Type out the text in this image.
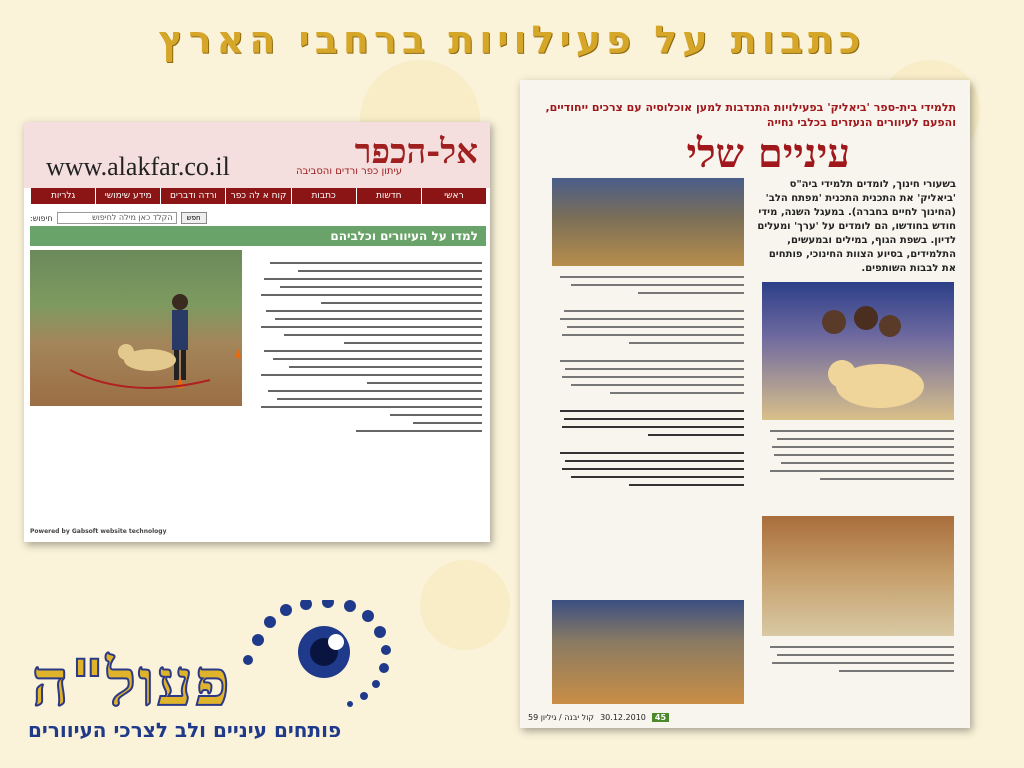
כתבות על פעילויות ברחבי הארץ
www.alakfar.co.il	אל-הכפר
עיתון כפר ורדים והסביבה
ראשי
חדשות
כתבות
קוח א לה כפר
ורדה ודברים
מידע שימושי
גלריות
חיפוש:	הקלד כאן מילה לחיפוש	חפש
למדו על העיוורים וכלביהם
Powered by Gabsoft website technology
תלמידי בית-ספר 'ביאליק' בפעילויות התנדבות למען אוכלוסיה עם צרכים ייחודיים, והפעם לעיוורים הנעזרים בכלבי נחייה
עיניים שלי
בשעורי חינוך, לומדים תלמידי ביה"ס 'ביאליק' את התכנית התכנית 'מפתח הלב' (החינוך לחיים בחברה). במעגל השנה, מידי חודש בחודשו, הם לומדים על 'ערך' ומעלים לדיון. בשפת הגוף, במילים ובמעשים, התלמידים, בסיוע הצוות החינוכי, פותחים את לבבות השותפים.
45
30.12.2010
קול יבנה / גיליון 59
פעול"ה
פותחים עיניים ולב לצרכי העיוורים
